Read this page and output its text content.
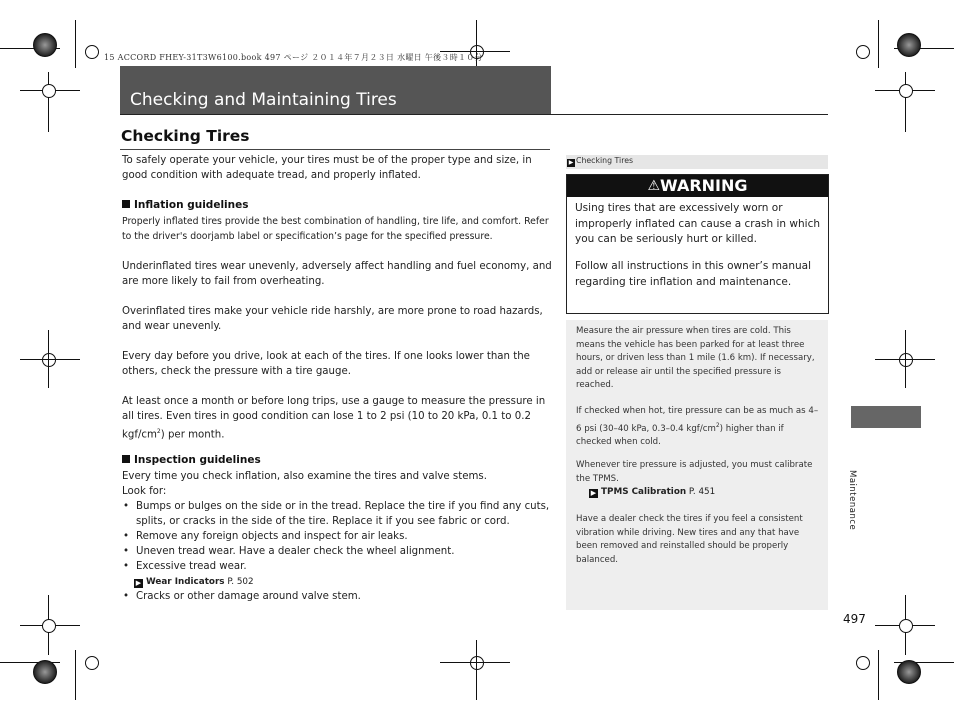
15 ACCORD FHEY-31T3W6100.book 497 ページ ２０１４年７月２３日 水曜日 午後３時１０分
Checking and Maintaining Tires
Checking Tires
To safely operate your vehicle, your tires must be of the proper type and size, in good condition with adequate tread, and properly inflated.
Inflation guidelines
Properly inflated tires provide the best combination of handling, tire life, and comfort. Refer to the driver's doorjamb label or specification’s page for the specified pressure.
Underinflated tires wear unevenly, adversely affect handling and fuel economy, and are more likely to fail from overheating.
Overinflated tires make your vehicle ride harshly, are more prone to road hazards, and wear unevenly.
Every day before you drive, look at each of the tires. If one looks lower than the others, check the pressure with a tire gauge.
At least once a month or before long trips, use a gauge to measure the pressure in all tires. Even tires in good condition can lose 1 to 2 psi (10 to 20 kPa, 0.1 to 0.2 kgf/$cm^2$) per month.
Inspection guidelines
Every time you check inflation, also examine the tires and valve stems.
Look for:
• Bumps or bulges on the side or in the tread. Replace the tire if you find any cuts, splits, or cracks in the side of the tire. Replace it if you see fabric or cord.
• Remove any foreign objects and inspect for air leaks.
• Uneven tread wear. Have a dealer check the wheel alignment.
• Excessive tread wear.
▶ Wear Indicators P. 502
• Cracks or other damage around valve stem.
▶ Checking Tires
⚠WARNING
Using tires that are excessively worn or improperly inflated can cause a crash in which you can be seriously hurt or killed.
Follow all instructions in this owner’s manual regarding tire inflation and maintenance.
Measure the air pressure when tires are cold. This means the vehicle has been parked for at least three hours, or driven less than 1 mile (1.6 km). If necessary, add or release air until the specified pressure is reached.
If checked when hot, tire pressure can be as much as 4–6 psi (30–40 kPa, 0.3–0.4 kgf/$cm^2$) higher than if checked when cold.
Whenever tire pressure is adjusted, you must calibrate the TPMS.
▶ TPMS Calibration P. 451
Have a dealer check the tires if you feel a consistent vibration while driving. New tires and any that have been removed and reinstalled should be properly balanced.
Maintenance
497
